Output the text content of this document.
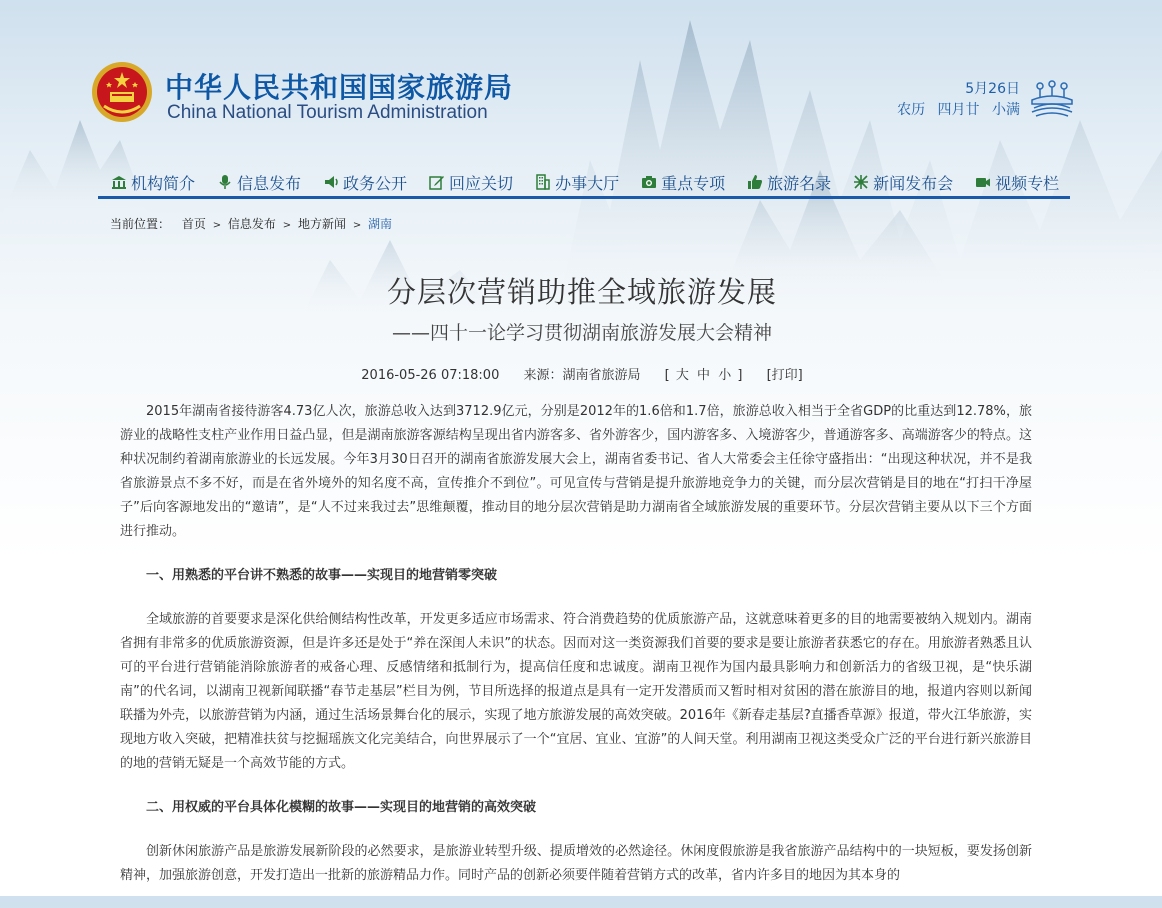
中华人民共和国国家旅游局
China National Tourism Administration
5月26日
农历 四月廿 小满
机构简介	信息发布	政务公开	回应关切	办事大厅	重点专项	旅游名录	新闻发布会	视频专栏
当前位置： 首页 > 信息发布 > 地方新闻 > 湖南
分层次营销助推全域旅游发展
——四十一论学习贯彻湖南旅游发展大会精神
2016-05-26 07:18:00 来源：湖南省旅游局 [ 大 中 小 ] [打印]

2015年湖南省接待游客4.73亿人次，旅游总收入达到3712.9亿元，分别是2012年的1.6倍和1.7倍，旅游总收入相当于全省GDP的比重达到12.78%，旅游业的战略性支柱产业作用日益凸显，但是湖南旅游客源结构呈现出省内游客多、省外游客少，国内游客多、入境游客少，普通游客多、高端游客少的特点。这种状况制约着湖南旅游业的长远发展。今年3月30日召开的湖南省旅游发展大会上，湖南省委书记、省人大常委会主任徐守盛指出：“出现这种状况，并不是我省旅游景点不多不好，而是在省外境外的知名度不高，宣传推介不到位”。可见宣传与营销是提升旅游地竞争力的关键，而分层次营销是目的地在“打扫干净屋子”后向客源地发出的“邀请”，是“人不过来我过去”思维颠覆，推动目的地分层次营销是助力湖南省全域旅游发展的重要环节。分层次营销主要从以下三个方面进行推动。

一、用熟悉的平台讲不熟悉的故事——实现目的地营销零突破

全域旅游的首要要求是深化供给侧结构性改革，开发更多适应市场需求、符合消费趋势的优质旅游产品，这就意味着更多的目的地需要被纳入规划内。湖南省拥有非常多的优质旅游资源，但是许多还是处于“养在深闺人未识”的状态。因而对这一类资源我们首要的要求是要让旅游者获悉它的存在。用旅游者熟悉且认可的平台进行营销能消除旅游者的戒备心理、反感情绪和抵制行为，提高信任度和忠诚度。湖南卫视作为国内最具影响力和创新活力的省级卫视，是“快乐湖南”的代名词，以湖南卫视新闻联播“春节走基层”栏目为例，节目所选择的报道点是具有一定开发潜质而又暂时相对贫困的潜在旅游目的地，报道内容则以新闻联播为外壳，以旅游营销为内涵，通过生活场景舞台化的展示，实现了地方旅游发展的高效突破。2016年《新春走基层?直播香草源》报道，带火江华旅游，实现地方收入突破，把精准扶贫与挖掘瑶族文化完美结合，向世界展示了一个“宜居、宜业、宜游”的人间天堂。利用湖南卫视这类受众广泛的平台进行新兴旅游目的地的营销无疑是一个高效节能的方式。

二、用权威的平台具体化模糊的故事——实现目的地营销的高效突破

创新休闲旅游产品是旅游发展新阶段的必然要求，是旅游业转型升级、提质增效的必然途径。休闲度假旅游是我省旅游产品结构中的一块短板，要发扬创新精神，加强旅游创意，开发打造出一批新的旅游精品力作。同时产品的创新必须要伴随着营销方式的改革，省内许多目的地因为其本身的
